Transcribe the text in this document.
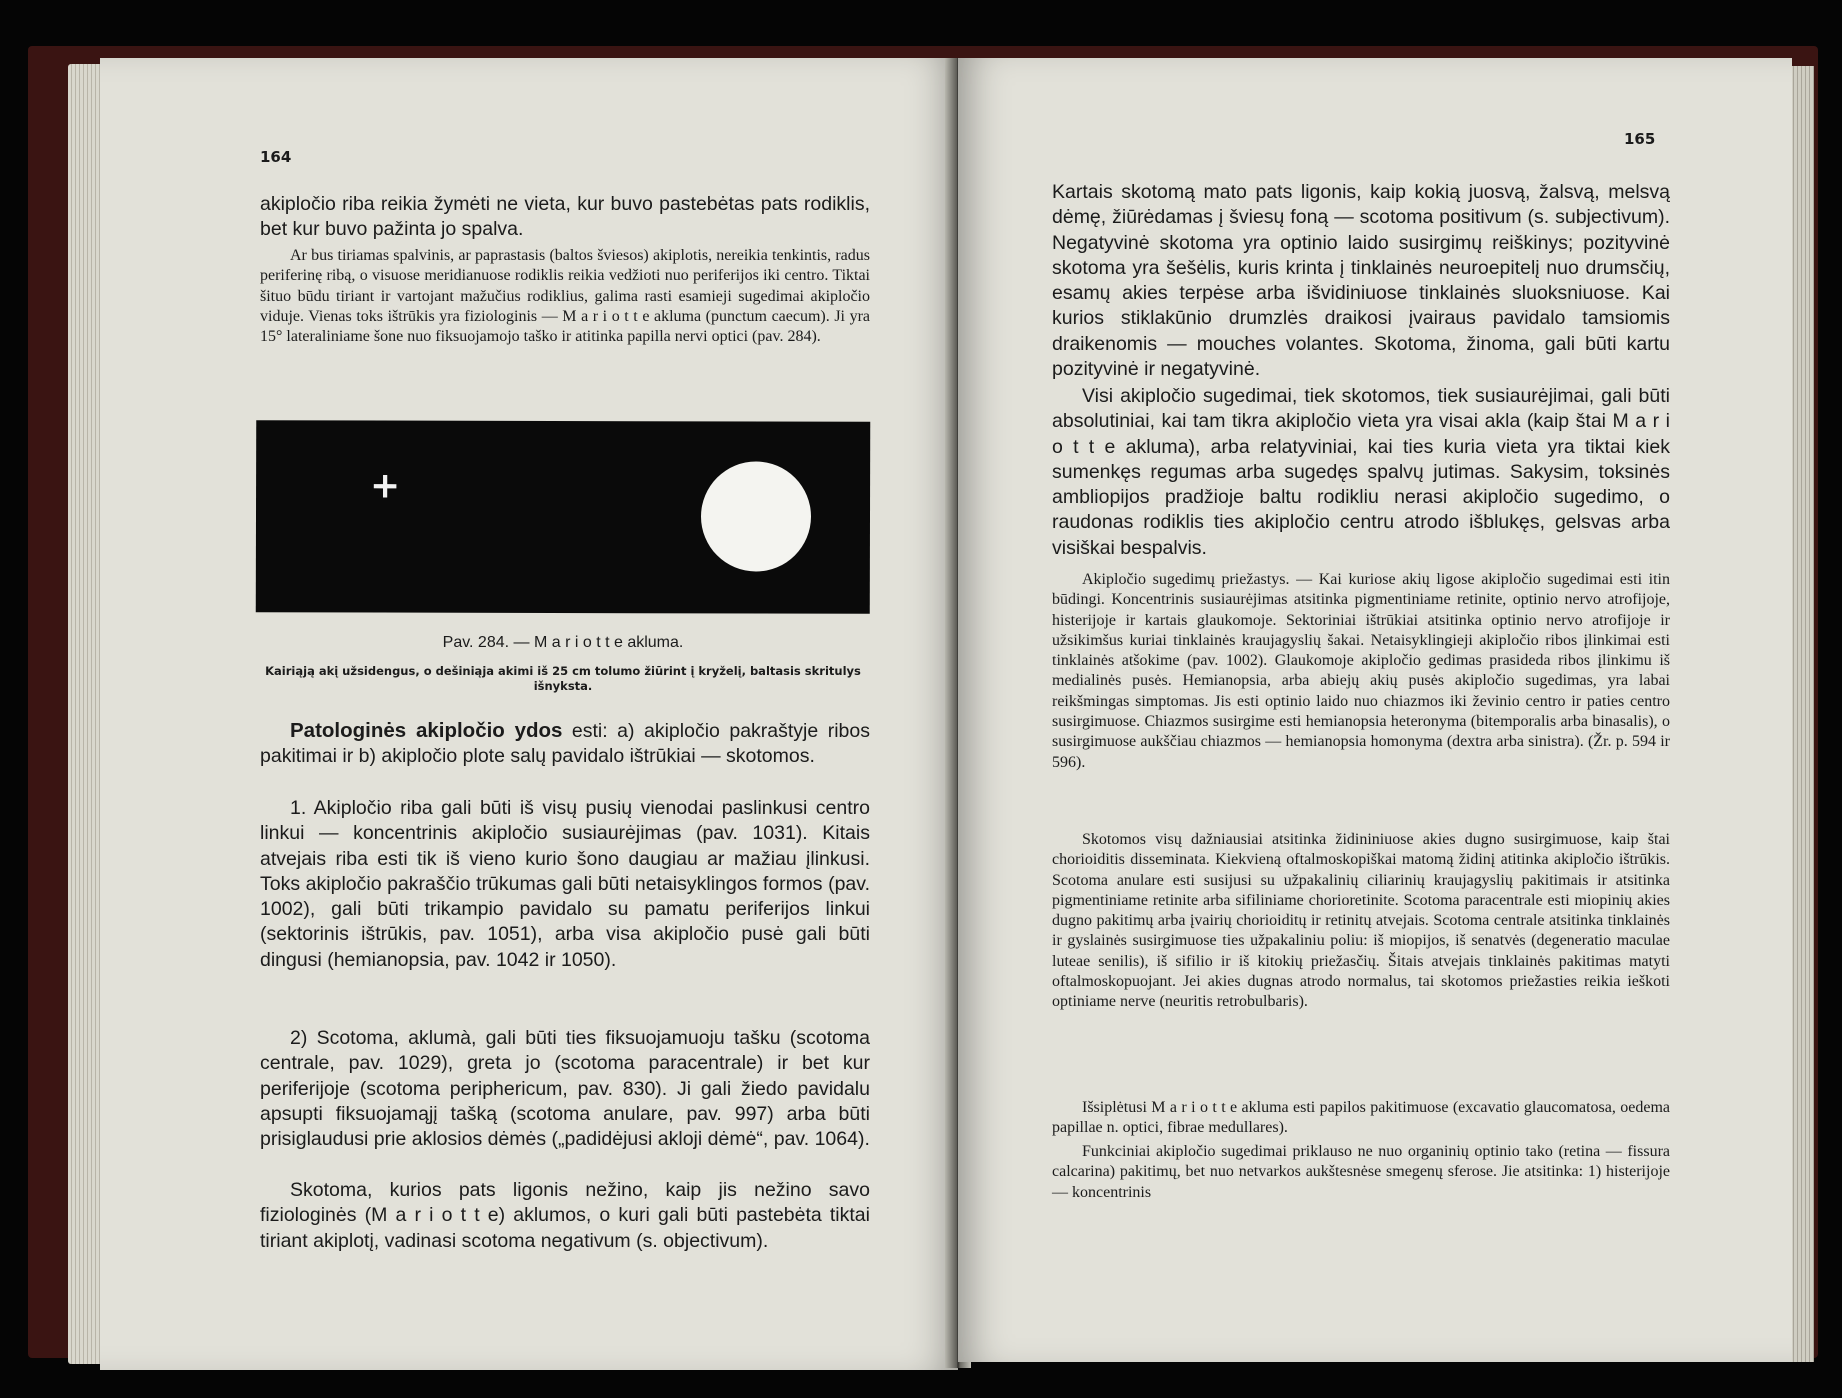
164

akipločio riba reikia žymėti ne vieta, kur buvo pastebėtas pats rodiklis, bet kur buvo pažinta jo spalva.

Ar bus tiriamas spalvinis, ar paprastasis (baltos šviesos) akiplotis, nereikia tenkintis, radus periferinę ribą, o visuose meridianuose rodiklis reikia vedžioti nuo periferijos iki centro. Tiktai šituo būdu tiriant ir vartojant mažučius rodiklius, galima rasti esamieji sugedimai akipločio viduje. Vienas toks ištrūkis yra fiziologinis — M a r i o t t e akluma (punctum caecum). Ji yra 15° lateraliniame šone nuo fiksuojamojo taško ir atitinka papilla nervi optici (pav. 284).

+
Pav. 284. — M a r i o t t e akluma.
Kairiąją akį užsidengus, o dešiniąja akimi iš 25 cm tolumo žiūrint į kryželį, baltasis skritulys išnyksta.

Patologinės akipločio ydos esti: a) akipločio pakraštyje ribos pakitimai ir b) akipločio plote salų pavidalo ištrūkiai — skotomos.

1. Akipločio riba gali būti iš visų pusių vienodai paslinkusi centro linkui — koncentrinis akipločio susiaurėjimas (pav. 1031). Kitais atvejais riba esti tik iš vieno kurio šono daugiau ar mažiau įlinkusi. Toks akipločio pakraščio trūkumas gali būti netaisyklingos formos (pav. 1002), gali būti trikampio pavidalo su pamatu periferijos linkui (sektorinis ištrūkis, pav. 1051), arba visa akipločio pusė gali būti dingusi (hemianopsia, pav. 1042 ir 1050).

2) Scotoma, aklumà, gali būti ties fiksuojamuoju tašku (scotoma centrale, pav. 1029), greta jo (scotoma paracentrale) ir bet kur periferijoje (scotoma periphericum, pav. 830). Ji gali žiedo pavidalu apsupti fiksuojamąjį tašką (scotoma anulare, pav. 997) arba būti prisiglaudusi prie aklosios dėmės („padidėjusi akloji dėmė“, pav. 1064).

Skotoma, kurios pats ligonis nežino, kaip jis nežino savo fiziologinės (M a r i o t t e) aklumos, o kuri gali būti pastebėta tiktai tiriant akiplotį, vadinasi scotoma negativum (s. objectivum).

165

Kartais skotomą mato pats ligonis, kaip kokią juosvą, žalsvą, melsvą dėmę, žiūrėdamas į šviesų foną — scotoma positivum (s. subjectivum). Negatyvinė skotoma yra optinio laido susirgimų reiškinys; pozityvinė skotoma yra šešėlis, kuris krinta į tinklainės neuroepitelį nuo drumsčių, esamų akies terpėse arba išvidiniuose tinklainės sluoksniuose. Kai kurios stiklakūnio drumzlės draikosi įvairaus pavidalo tamsiomis draikenomis — mouches volantes. Skotoma, žinoma, gali būti kartu pozityvinė ir negatyvinė.

Visi akipločio sugedimai, tiek skotomos, tiek susiaurėjimai, gali būti absolutiniai, kai tam tikra akipločio vieta yra visai akla (kaip štai M a r i o t t e akluma), arba relatyviniai, kai ties kuria vieta yra tiktai kiek sumenkęs regumas arba sugedęs spalvų jutimas. Sakysim, toksinės ambliopijos pradžioje baltu rodikliu nerasi akipločio sugedimo, o raudonas rodiklis ties akipločio centru atrodo išblukęs, gelsvas arba visiškai bespalvis.

Akipločio sugedimų priežastys. — Kai kuriose akių ligose akipločio sugedimai esti itin būdingi. Koncentrinis susiaurėjimas atsitinka pigmentiniame retinite, optinio nervo atrofijoje, histerijoje ir kartais glaukomoje. Sektoriniai ištrūkiai atsitinka optinio nervo atrofijoje ir užsikimšus kuriai tinklainės kraujagyslių šakai. Netaisyklingieji akipločio ribos įlinkimai esti tinklainės atšokime (pav. 1002). Glaukomoje akipločio gedimas prasideda ribos įlinkimu iš medialinės pusės. Hemianopsia, arba abiejų akių pusės akipločio sugedimas, yra labai reikšmingas simptomas. Jis esti optinio laido nuo chiazmos iki ževinio centro ir paties centro susirgimuose. Chiazmos susirgime esti hemianopsia heteronyma (bitemporalis arba binasalis), o susirgimuose aukščiau chiazmos — hemianopsia homonyma (dextra arba sinistra). (Žr. p. 594 ir 596).

Skotomos visų dažniausiai atsitinka židininiuose akies dugno susirgimuose, kaip štai chorioiditis disseminata. Kiekvieną oftalmoskopiškai matomą židinį atitinka akipločio ištrūkis. Scotoma anulare esti susijusi su užpakalinių ciliarinių kraujagyslių pakitimais ir atsitinka pigmentiniame retinite arba sifiliniame chorioretinite. Scotoma paracentrale esti miopinių akies dugno pakitimų arba įvairių chorioiditų ir retinitų atvejais. Scotoma centrale atsitinka tinklainės ir gyslainės susirgimuose ties užpakaliniu poliu: iš miopijos, iš senatvės (degeneratio maculae luteae senilis), iš sifilio ir iš kitokių priežasčių. Šitais atvejais tinklainės pakitimas matyti oftalmoskopuojant. Jei akies dugnas atrodo normalus, tai skotomos priežasties reikia ieškoti optiniame nerve (neuritis retrobulbaris).

Išsiplėtusi M a r i o t t e akluma esti papilos pakitimuose (excavatio glaucomatosa, oedema papillae n. optici, fibrae medullares).

Funkciniai akipločio sugedimai priklauso ne nuo organinių optinio tako (retina — fissura calcarina) pakitimų, bet nuo netvarkos aukštesnėse smegenų sferose. Jie atsitinka: 1) histerijoje — koncentrinis
